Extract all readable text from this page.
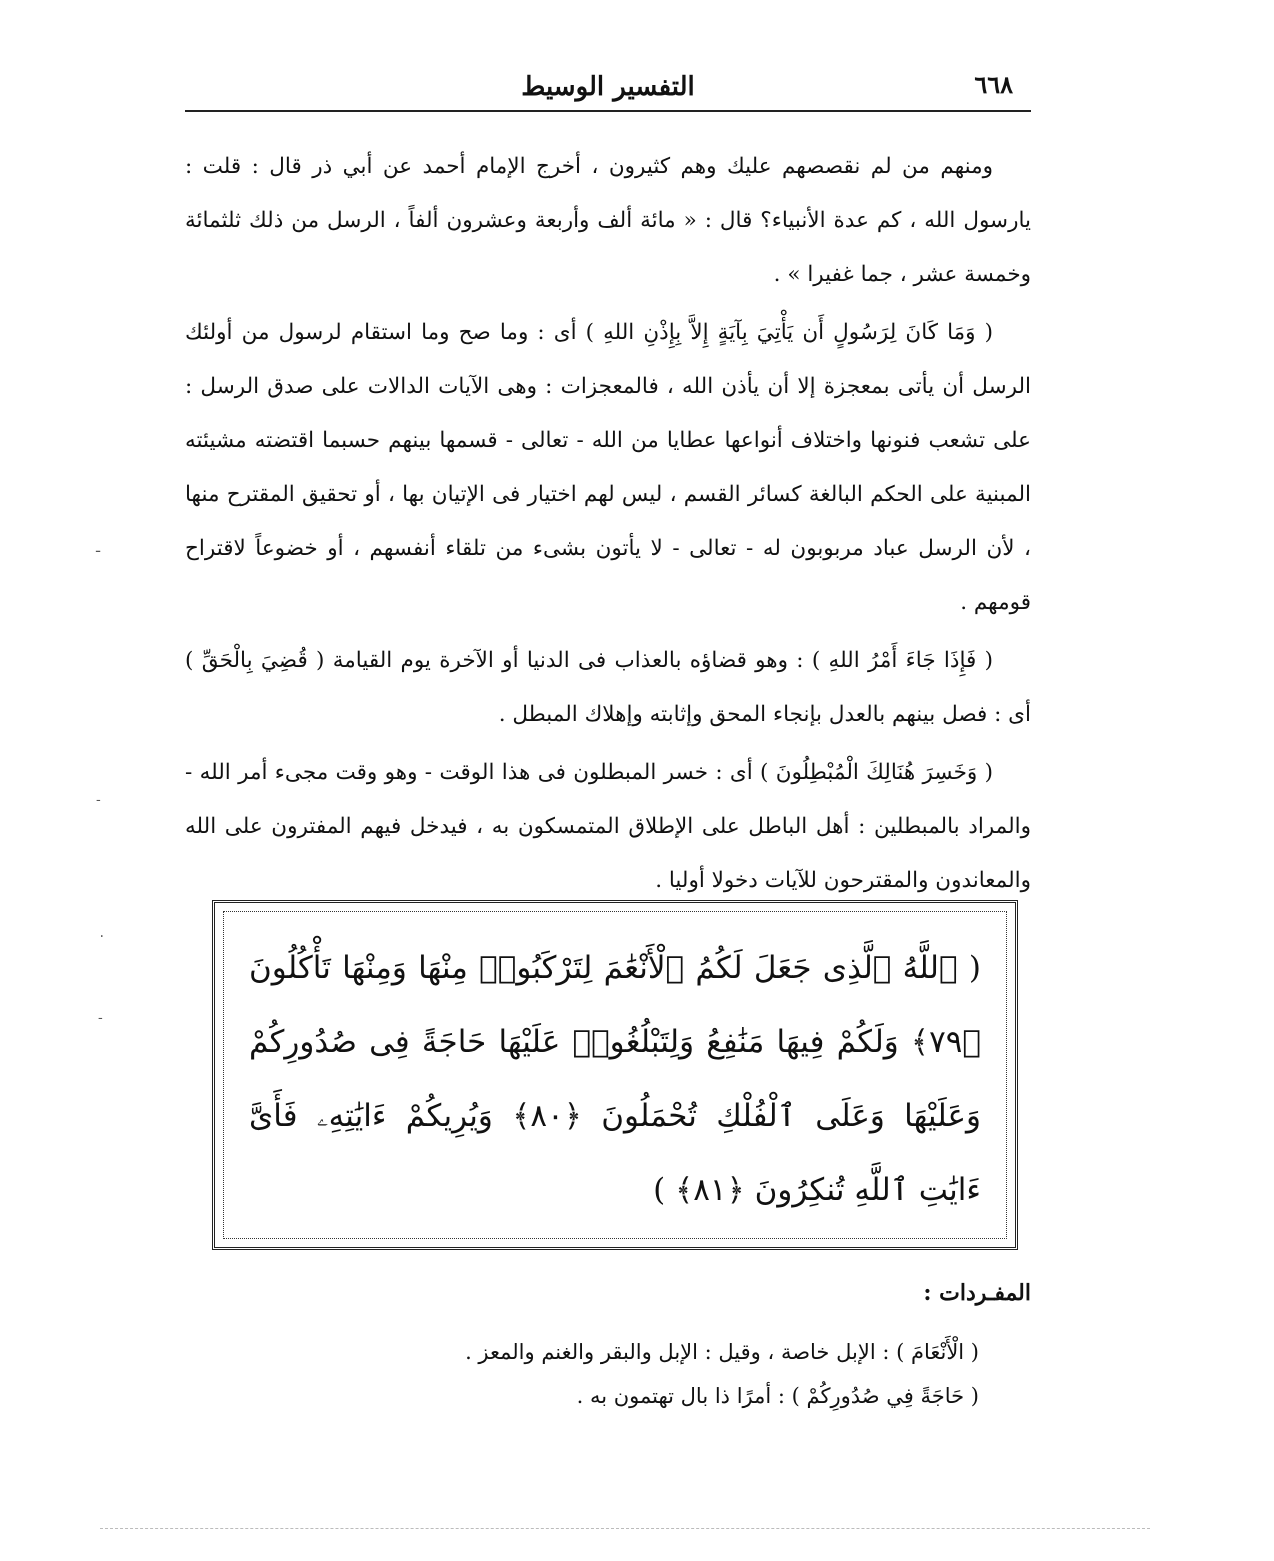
٦٦٨
التفسير الوسيط

ومنهم من لم نقصصهم عليك وهم كثيرون ، أخرج الإمام أحمد عن أبي ذر قال : قلت : يارسول الله ، كم عدة الأنبياء؟ قال : « مائة ألف وأربعة وعشرون ألفاً ، الرسل من ذلك ثلثمائة وخمسة عشر ، جما غفيرا » .

( وَمَا كَانَ لِرَسُولٍ أَن يَأْتِيَ بِآيَةٍ إِلاَّ بِإِذْنِ اللهِ ) أى : وما صح وما استقام لرسول من أولئك الرسل أن يأتى بمعجزة إلا أن يأذن الله ، فالمعجزات : وهى الآيات الدالات على صدق الرسل : على تشعب فنونها واختلاف أنواعها عطايا من الله - تعالى - قسمها بينهم حسبما اقتضته مشيئته المبنية على الحكم البالغة كسائر القسم ، ليس لهم اختيار فى الإتيان بها ، أو تحقيق المقترح منها ، لأن الرسل عباد مربوبون له - تعالى - لا يأتون بشىء من تلقاء أنفسهم ، أو خضوعاً لاقتراح قومهم .

( فَإِذَا جَاءَ أَمْرُ اللهِ ) : وهو قضاؤه بالعذاب فى الدنيا أو الآخرة يوم القيامة ( قُضِيَ بِالْحَقِّ ) أى : فصل بينهم بالعدل بإنجاء المحق وإثابته وإهلاك المبطل .

( وَخَسِرَ هُنَالِكَ الْمُبْطِلُونَ ) أى : خسر المبطلون فى هذا الوقت - وهو وقت مجىء أمر الله - والمراد بالمبطلين : أهل الباطل على الإطلاق المتمسكون به ، فيدخل فيهم المفترون على الله والمعاندون والمقترحون للآيات دخولا أوليا .

( ٱللَّهُ ٱلَّذِى جَعَلَ لَكُمُ ٱلْأَنْعَٰمَ لِتَرْكَبُوا۟ مِنْهَا وَمِنْهَا تَأْكُلُونَ ﴿٧٩﴾ وَلَكُمْ فِيهَا مَنَٰفِعُ وَلِتَبْلُغُوا۟ عَلَيْهَا حَاجَةً فِى صُدُورِكُمْ وَعَلَيْهَا وَعَلَى ٱلْفُلْكِ تُحْمَلُونَ ﴿٨٠﴾ وَيُرِيكُمْ ءَايَٰتِهِۦ فَأَىَّ ءَايَٰتِ ٱللَّهِ تُنكِرُونَ ﴿٨١﴾ )
المفـردات :
( الْأَنْعَامَ ) : الإبل خاصة ، وقيل : الإبل والبقر والغنم والمعز .
( حَاجَةً فِي صُدُورِكُمْ ) : أمرًا ذا بال تهتمون به .
ـ
-
٠
-
